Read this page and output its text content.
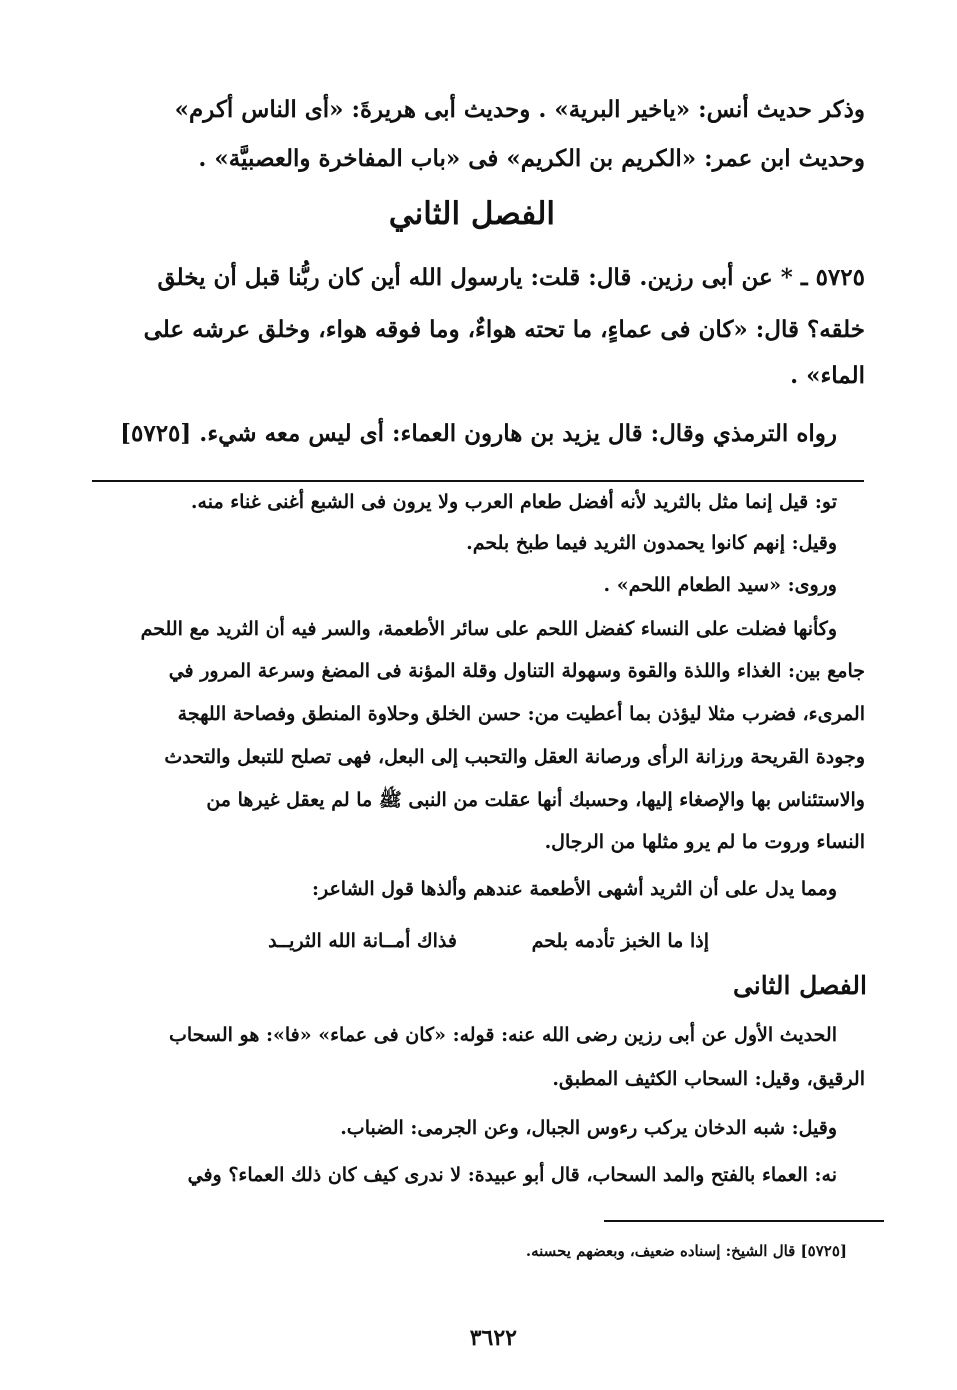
وذكر حديث أنس: «ياخير البرية» . وحديث أبى هريرةَ: «أى الناس أكرم»
وحديث ابن عمر: «الكريم بن الكريم» فى «باب المفاخرة والعصبيَّة» .
الفصل الثاني
٥٧٢٥ ـ * عن أبى رزين. قال: قلت: يارسول الله أين كان ربُّنا قبل أن يخلق
خلقه؟ قال: «كان فى عماءٍ، ما تحته هواءٌ، وما فوقه هواء، وخلق عرشه على
الماء» .
رواه الترمذي وقال: قال يزيد بن هارون العماء: أى ليس معه شيء. [٥٧٢٥]
تو: قيل إنما مثل بالثريد لأنه أفضل طعام العرب ولا يرون فى الشبع أغنى غناء منه.
وقيل: إنهم كانوا يحمدون الثريد فيما طبخ بلحم.
وروى: «سيد الطعام اللحم» .
وكأنها فضلت على النساء كفضل اللحم على سائر الأطعمة، والسر فيه أن الثريد مع اللحم
جامع بين: الغذاء واللذة والقوة وسهولة التناول وقلة المؤنة فى المضغ وسرعة المرور في
المرىء، فضرب مثلا ليؤذن بما أعطيت من: حسن الخلق وحلاوة المنطق وفصاحة اللهجة
وجودة القريحة ورزانة الرأى ورصانة العقل والتحبب إلى البعل، فهى تصلح للتبعل والتحدث
والاستئناس بها والإصغاء إليها، وحسبك أنها عقلت من النبى ﷺ ما لم يعقل غيرها من
النساء وروت ما لم يرو مثلها من الرجال.
ومما يدل على أن الثريد أشهى الأطعمة عندهم وألذها قول الشاعر:
إذا ما الخبز تأدمه بلحم
فذاك أمــانة الله الثريــد
الفصل الثانى
الحديث الأول عن أبى رزين رضى الله عنه: قوله: «كان فى عماء» «فا»: هو السحاب
الرقيق، وقيل: السحاب الكثيف المطبق.
وقيل: شبه الدخان يركب رءوس الجبال، وعن الجرمى: الضباب.
نه: العماء بالفتح والمد السحاب، قال أبو عبيدة: لا ندرى كيف كان ذلك العماء؟ وفي
[٥٧٢٥] قال الشيخ: إسناده ضعيف، وبعضهم يحسنه.
٣٦٢٢
